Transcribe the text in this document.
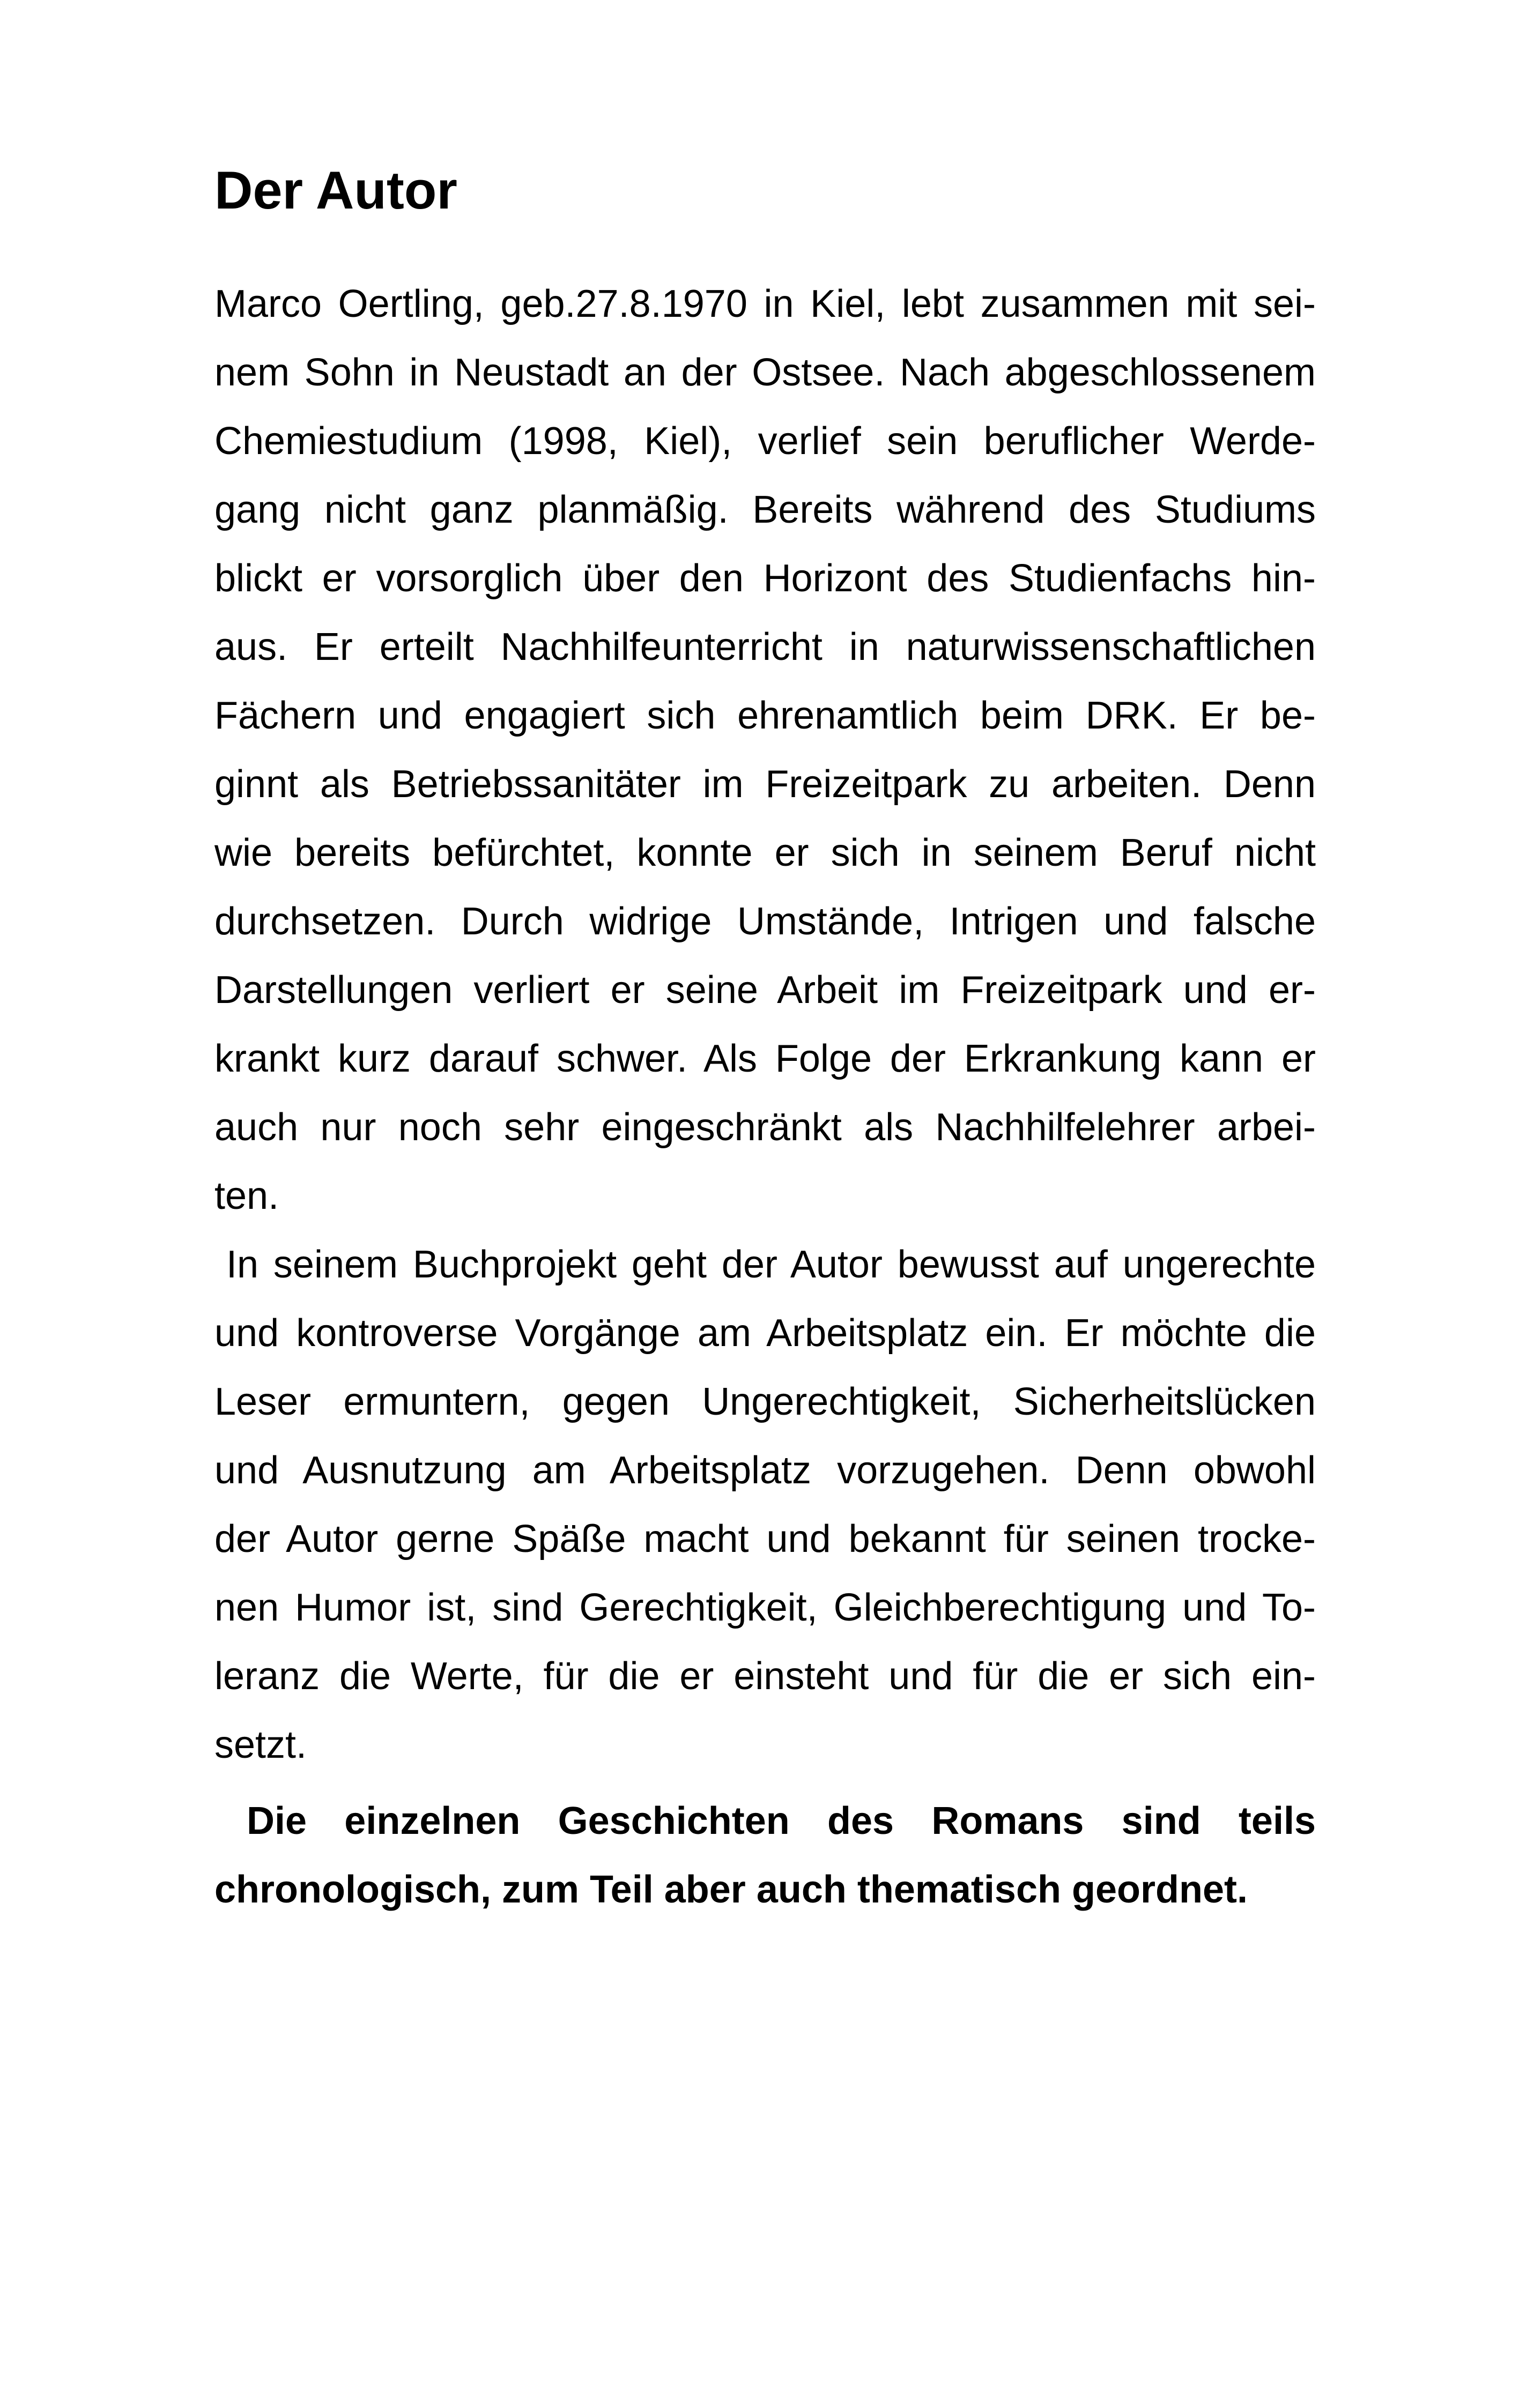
Der Autor
Marco Oertling, geb.27.8.1970 in Kiel, lebt zusammen mit sei-
nem Sohn in Neustadt an der Ostsee. Nach abgeschlossenem
Chemiestudium (1998, Kiel), verlief sein beruflicher Werde-
gang nicht ganz planmäßig. Bereits während des Studiums
blickt er vorsorglich über den Horizont des Studienfachs hin-
aus. Er erteilt Nachhilfeunterricht in naturwissenschaftlichen
Fächern und engagiert sich ehrenamtlich beim DRK. Er be-
ginnt als Betriebssanitäter im Freizeitpark zu arbeiten. Denn
wie bereits befürchtet, konnte er sich in seinem Beruf nicht
durchsetzen. Durch widrige Umstände, Intrigen und falsche
Darstellungen verliert er seine Arbeit im Freizeitpark und er-
krankt kurz darauf schwer. Als Folge der Erkrankung kann er
auch nur noch sehr eingeschränkt als Nachhilfelehrer arbei-
ten.
In seinem Buchprojekt geht der Autor bewusst auf ungerechte
und kontroverse Vorgänge am Arbeitsplatz ein. Er möchte die
Leser ermuntern, gegen Ungerechtigkeit, Sicherheitslücken
und Ausnutzung am Arbeitsplatz vorzugehen. Denn obwohl
der Autor gerne Späße macht und bekannt für seinen trocke-
nen Humor ist, sind Gerechtigkeit, Gleichberechtigung und To-
leranz die Werte, für die er einsteht und für die er sich ein-
setzt.
Die einzelnen Geschichten des Romans sind teils
chronologisch, zum Teil aber auch thematisch geordnet.
